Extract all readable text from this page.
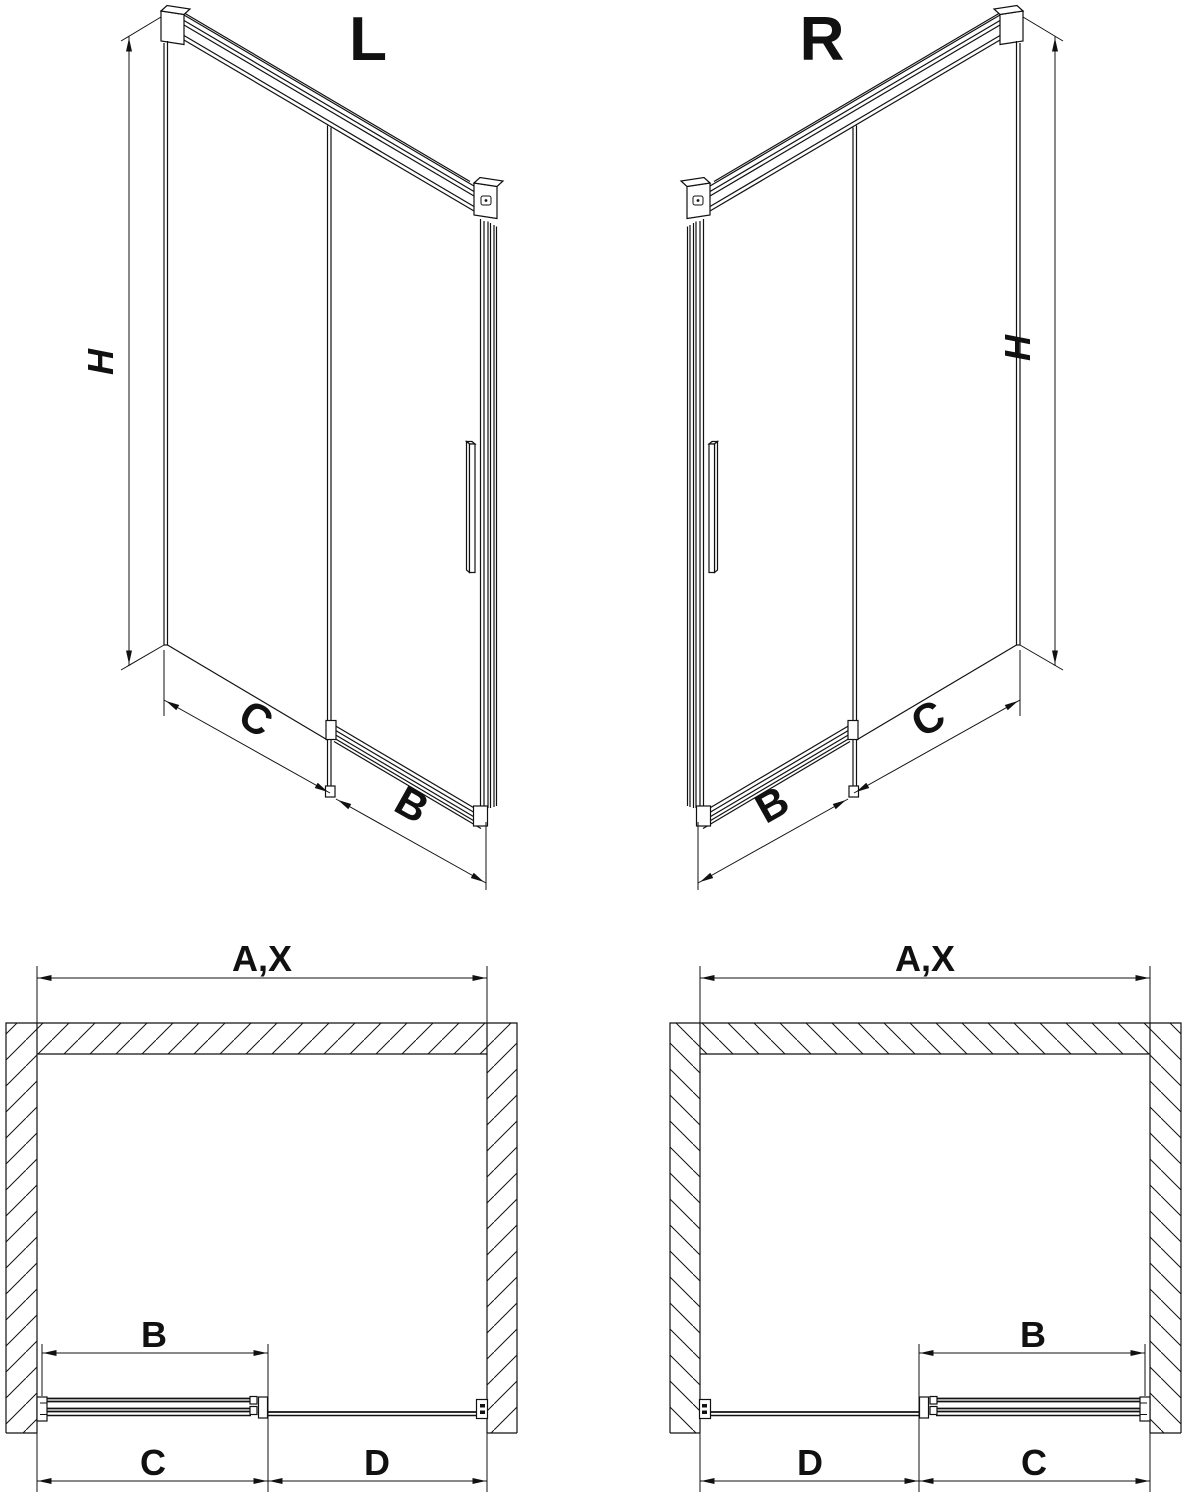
L
H
C
B
R
H
C
B
A,X
B
C	D
A,X
B
C
D
